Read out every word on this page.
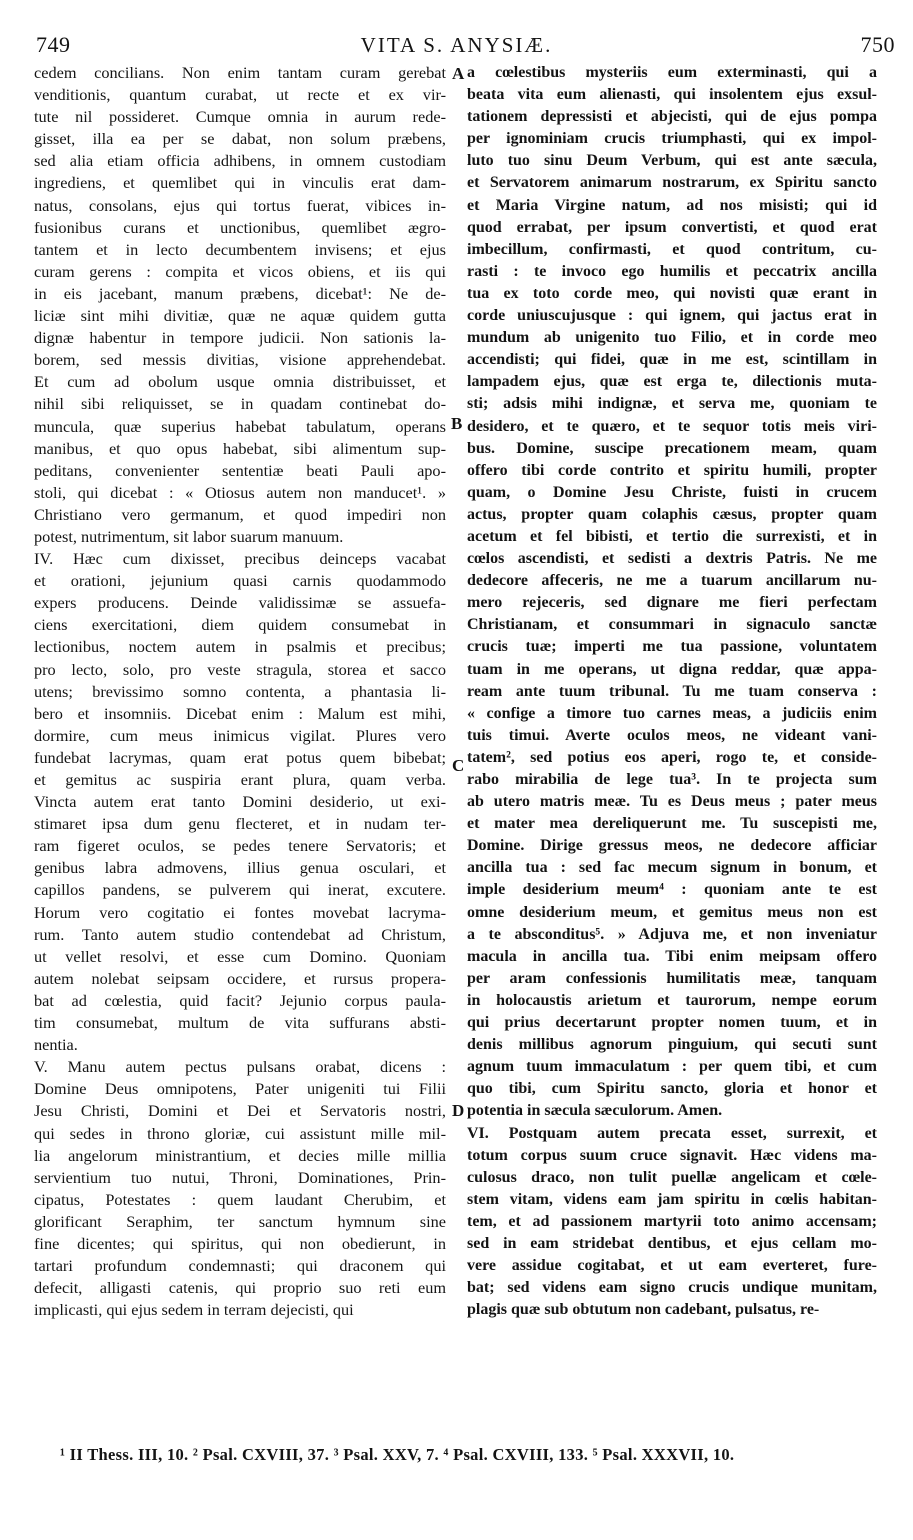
749	VITA S. ANYSIÆ.	750
cedem concilians. Non enim tantam curam gerebat
venditionis, quantum curabat, ut recte et ex vir-
tute nil possideret. Cumque omnia in aurum rede-
gisset, illa ea per se dabat, non solum præbens,
sed alia etiam officia adhibens, in omnem custodiam
ingrediens, et quemlibet qui in vinculis erat dam-
natus, consolans, ejus qui tortus fuerat, vibices in-
fusionibus curans et unctionibus, quemlibet ægro-
tantem et in lecto decumbentem invisens; et ejus
curam gerens : compita et vicos obiens, et iis qui
in eis jacebant, manum præbens, dicebat¹: Ne de-
liciæ sint mihi divitiæ, quæ ne aquæ quidem gutta
dignæ habentur in tempore judicii. Non sationis la-
borem, sed messis divitias, visione apprehendebat.
Et cum ad obolum usque omnia distribuisset, et
nihil sibi reliquisset, se in quadam continebat do-
muncula, quæ superius habebat tabulatum, operans
manibus, et quo opus habebat, sibi alimentum sup-
peditans, convenienter sententiæ beati Pauli apo-
stoli, qui dicebat : « Otiosus autem non manducet¹. »
Christiano vero germanum, et quod impediri non
potest, nutrimentum, sit labor suarum manuum.
IV. Hæc cum dixisset, precibus deinceps vacabat
et orationi, jejunium quasi carnis quodammodo
expers producens. Deinde validissimæ se assuefa-
ciens exercitationi, diem quidem consumebat in
lectionibus, noctem autem in psalmis et precibus;
pro lecto, solo, pro veste stragula, storea et sacco
utens; brevissimo somno contenta, a phantasia li-
bero et insomniis. Dicebat enim : Malum est mihi,
dormire, cum meus inimicus vigilat. Plures vero
fundebat lacrymas, quam erat potus quem bibebat;
et gemitus ac suspiria erant plura, quam verba.
Vincta autem erat tanto Domini desiderio, ut exi-
stimaret ipsa dum genu flecteret, et in nudam ter-
ram figeret oculos, se pedes tenere Servatoris; et
genibus labra admovens, illius genua osculari, et
capillos pandens, se pulverem qui inerat, excutere.
Horum vero cogitatio ei fontes movebat lacryma-
rum. Tanto autem studio contendebat ad Christum,
ut vellet resolvi, et esse cum Domino. Quoniam
autem nolebat seipsam occidere, et rursus propera-
bat ad cœlestia, quid facit? Jejunio corpus paula-
tim consumebat, multum de vita suffurans absti-
nentia.
V. Manu autem pectus pulsans orabat, dicens :
Domine Deus omnipotens, Pater unigeniti tui Filii
Jesu Christi, Domini et Dei et Servatoris nostri,
qui sedes in throno gloriæ, cui assistunt mille mil-
lia angelorum ministrantium, et decies mille millia
servientium tuo nutui, Throni, Dominationes, Prin-
cipatus, Potestates : quem laudant Cherubim, et
glorificant Seraphim, ter sanctum hymnum sine
fine dicentes; qui spiritus, qui non obedierunt, in
tartari profundum condemnasti; qui draconem qui
defecit, alligasti catenis, qui proprio suo reti eum
implicasti, qui ejus sedem in terram dejecisti, qui
a cœlestibus mysteriis eum exterminasti, qui a
beata vita eum alienasti, qui insolentem ejus exsul-
tationem depressisti et abjecisti, qui de ejus pompa
per ignominiam crucis triumphasti, qui ex impol-
luto tuo sinu Deum Verbum, qui est ante sæcula,
et Servatorem animarum nostrarum, ex Spiritu sancto
et Maria Virgine natum, ad nos misisti; qui id
quod errabat, per ipsum convertisti, et quod erat
imbecillum, confirmasti, et quod contritum, cu-
rasti : te invoco ego humilis et peccatrix ancilla
tua ex toto corde meo, qui novisti quæ erant in
corde uniuscujusque : qui ignem, qui jactus erat in
mundum ab unigenito tuo Filio, et in corde meo
accendisti; qui fidei, quæ in me est, scintillam in
lampadem ejus, quæ est erga te, dilectionis muta-
sti; adsis mihi indignæ, et serva me, quoniam te
desidero, et te quæro, et te sequor totis meis viri-
bus. Domine, suscipe precationem meam, quam
offero tibi corde contrito et spiritu humili, propter
quam, o Domine Jesu Christe, fuisti in crucem
actus, propter quam colaphis cæsus, propter quam
acetum et fel bibisti, et tertio die surrexisti, et in
cœlos ascendisti, et sedisti a dextris Patris. Ne me
dedecore affeceris, ne me a tuarum ancillarum nu-
mero rejeceris, sed dignare me fieri perfectam
Christianam, et consummari in signaculo sanctæ
crucis tuæ; imperti me tua passione, voluntatem
tuam in me operans, ut digna reddar, quæ appa-
ream ante tuum tribunal. Tu me tuam conserva :
« confige a timore tuo carnes meas, a judiciis enim
tuis timui. Averte oculos meos, ne videant vani-
tatem², sed potius eos aperi, rogo te, et conside-
rabo mirabilia de lege tua³. In te projecta sum
ab utero matris meæ. Tu es Deus meus ; pater meus
et mater mea dereliquerunt me. Tu suscepisti me,
Domine. Dirige gressus meos, ne dedecore afficiar
ancilla tua : sed fac mecum signum in bonum, et
imple desiderium meum⁴ : quoniam ante te est
omne desiderium meum, et gemitus meus non est
a te absconditus⁵. » Adjuva me, et non inveniatur
macula in ancilla tua. Tibi enim meipsam offero
per aram confessionis humilitatis meæ, tanquam
in holocaustis arietum et taurorum, nempe eorum
qui prius decertarunt propter nomen tuum, et in
denis millibus agnorum pinguium, qui secuti sunt
agnum tuum immaculatum : per quem tibi, et cum
quo tibi, cum Spiritu sancto, gloria et honor et
potentia in sæcula sæculorum. Amen.
VI. Postquam autem precata esset, surrexit, et
totum corpus suum cruce signavit. Hæc videns ma-
culosus draco, non tulit puellæ angelicam et cœle-
stem vitam, videns eam jam spiritu in cœlis habitan-
tem, et ad passionem martyrii toto animo accensam;
sed in eam stridebat dentibus, et ejus cellam mo-
vere assidue cogitabat, et ut eam everteret, fure-
bat; sed videns eam signo crucis undique munitam,
plagis quæ sub obtutum non cadebant, pulsatus, re-
A
B
C
D
¹ II Thess. III, 10. ² Psal. CXVIII, 37. ³ Psal. XXV, 7. ⁴ Psal. CXVIII, 133. ⁵ Psal. XXXVII, 10.
